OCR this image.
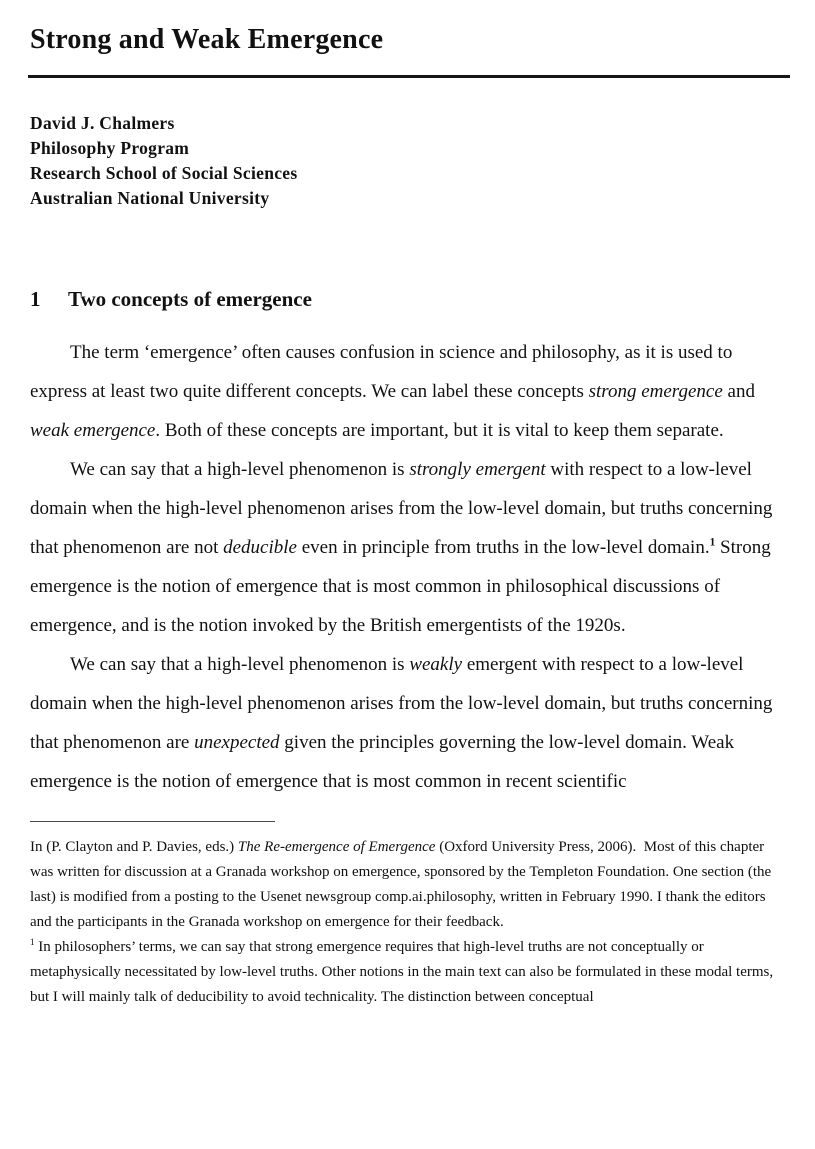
Strong and Weak Emergence
David J. Chalmers
Philosophy Program
Research School of Social Sciences
Australian National University
1	Two concepts of emergence

The term ‘emergence’ often causes confusion in science and philosophy, as it is used to express at least two quite different concepts. We can label these concepts strong emergence and weak emergence. Both of these concepts are important, but it is vital to keep them separate.

We can say that a high-level phenomenon is strongly emergent with respect to a low-level domain when the high-level phenomenon arises from the low-level domain, but truths concerning that phenomenon are not deducible even in principle from truths in the low-level domain.$^1$ Strong emergence is the notion of emergence that is most common in philosophical discussions of emergence, and is the notion invoked by the British emergentists of the 1920s.

We can say that a high-level phenomenon is weakly emergent with respect to a low-level domain when the high-level phenomenon arises from the low-level domain, but truths concerning that phenomenon are unexpected given the principles governing the low-level domain. Weak emergence is the notion of emergence that is most common in recent scientific

In (P. Clayton and P. Davies, eds.) The Re-emergence of Emergence (Oxford University Press, 2006). Most of this chapter was written for discussion at a Granada workshop on emergence, sponsored by the Templeton Foundation. One section (the last) is modified from a posting to the Usenet newsgroup comp.ai.philosophy, written in February 1990. I thank the editors and the participants in the Granada workshop on emergence for their feedback.

$^1$ In philosophers’ terms, we can say that strong emergence requires that high-level truths are not conceptually or metaphysically necessitated by low-level truths. Other notions in the main text can also be formulated in these modal terms, but I will mainly talk of deducibility to avoid technicality. The distinction between conceptual
